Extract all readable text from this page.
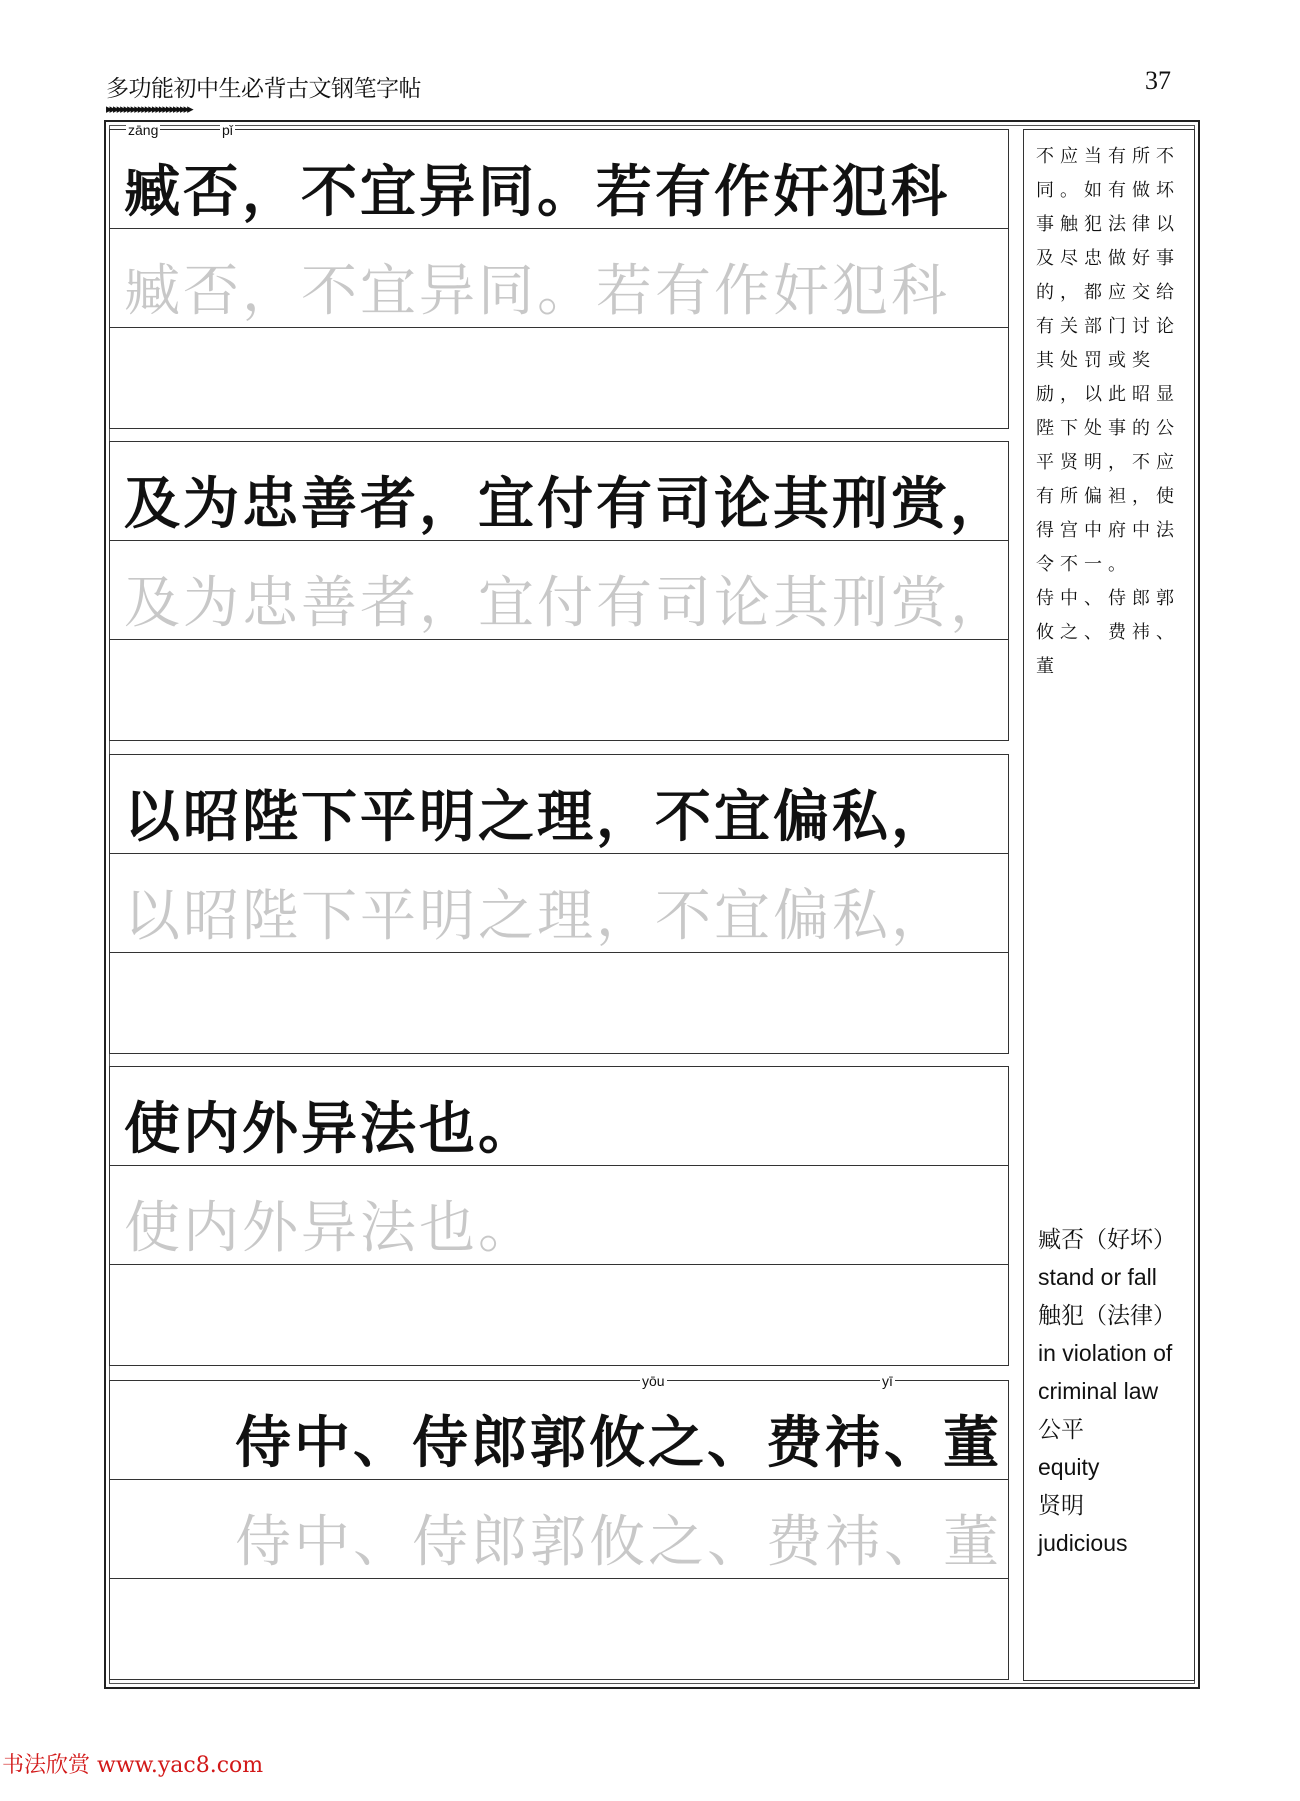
多功能初中生必背古文钢笔字帖
▸▸▸▸▸▸▸▸▸▸▸▸▸▸▸▸▸▸▸▸▸▸▸▸
37
zāng	pǐ
臧否，不宜异同。若有作奸犯科
臧否，不宜异同。若有作奸犯科
及为忠善者，宜付有司论其刑赏，
及为忠善者，宜付有司论其刑赏，
以昭陛下平明之理，不宜偏私，
以昭陛下平明之理，不宜偏私，
使内外异法也。
使内外异法也。
yōu	yī
侍中、侍郎郭攸之、费祎、董
侍中、侍郎郭攸之、费祎、董
不应当有所不同。如有做坏事触犯法律以及尽忠做好事的，都应交给有关部门讨论其处罚或奖励，以此昭显陛下处事的公平贤明，不应有所偏袒，使得宫中府中法令不一。　　侍中、侍郎郭攸之、费祎、董
臧否（好坏）
stand or fall
触犯（法律）
in violation of criminal law
公平
equity
贤明
judicious
书法欣赏 www.yac8.com
